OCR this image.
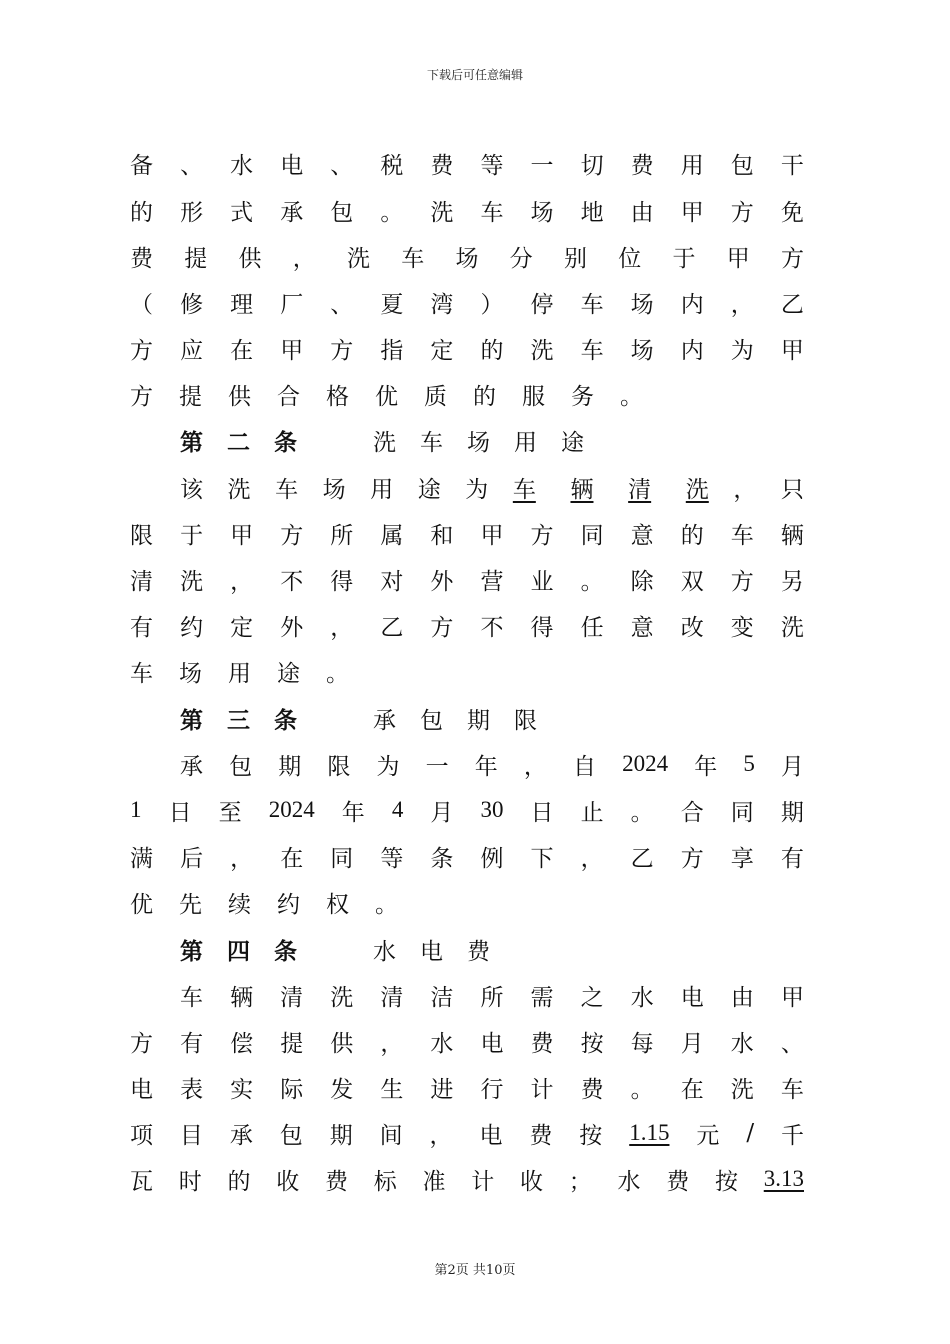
下载后可任意编辑
备 、 水 电 、 税 费 等 一 切 费 用 包 干
的 形 式 承 包 。 洗 车 场 地 由 甲 方 免
费 提 供 ， 洗 车 场 分 别 位 于 甲 方
（ 修 理 厂 、 夏 湾 ） 停 车 场 内 ， 乙
方 应 在 甲 方 指 定 的 洗 车 场 内 为 甲
方 提 供 合 格 优 质 的 服 务 。
第 二 条	洗 车 场 用 途
该 洗 车 场 用 途 为 车 辆 清 洗 ， 只
限 于 甲 方 所 属 和 甲 方 同 意 的 车 辆
清 洗 ， 不 得 对 外 营 业 。 除 双 方 另
有 约 定 外 ， 乙 方 不 得 任 意 改 变 洗
车 场 用 途 。
第 三 条	承 包 期 限
承 包 期 限 为 一 年 ， 自 2024 年 5 月
1 日 至 2024 年 4 月 30 日 止 。 合 同 期
满 后 ， 在 同 等 条 例 下 ， 乙 方 享 有
优 先 续 约 权 。
第 四 条	水 电 费
车 辆 清 洗 清 洁 所 需 之 水 电 由 甲
方 有 偿 提 供 ， 水 电 费 按 每 月 水 、
电 表 实 际 发 生 进 行 计 费 。 在 洗 车
项 目 承 包 期 间 ， 电 费 按 1.15 元 / 千
瓦 时 的 收 费 标 准 计 收 ； 水 费 按 3.13
第2页 共10页
